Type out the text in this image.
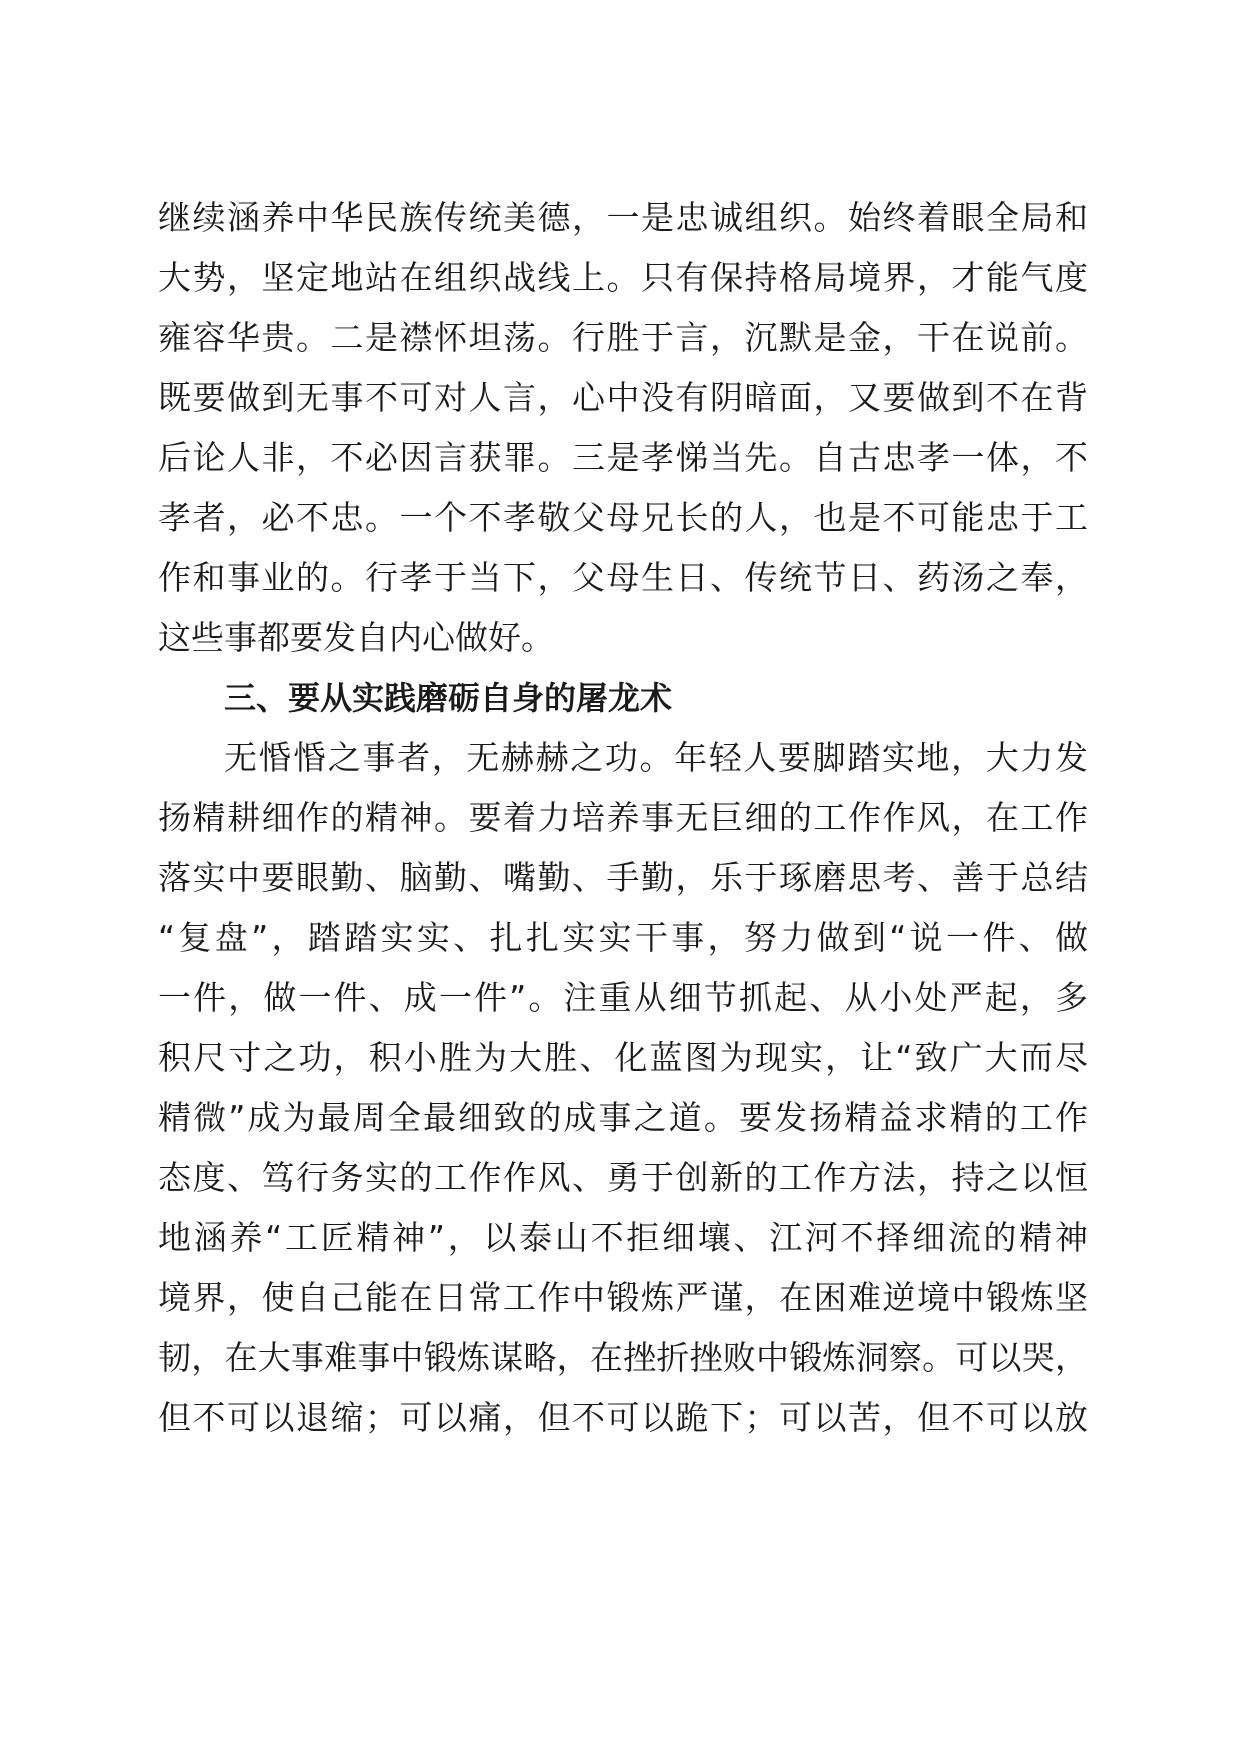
继续涵养中华民族传统美德，一是忠诚组织。始终着眼全局和
大势，坚定地站在组织战线上。只有保持格局境界，才能气度
雍容华贵。二是襟怀坦荡。行胜于言，沉默是金，干在说前。
既要做到无事不可对人言，心中没有阴暗面，又要做到不在背
后论人非，不必因言获罪。三是孝悌当先。自古忠孝一体，不
孝者，必不忠。一个不孝敬父母兄长的人，也是不可能忠于工
作和事业的。行孝于当下，父母生日、传统节日、药汤之奉，
这些事都要发自内心做好。
三、要从实践磨砺自身的屠龙术
无惛惛之事者，无赫赫之功。年轻人要脚踏实地，大力发
扬精耕细作的精神。要着力培养事无巨细的工作作风，在工作
落实中要眼勤、脑勤、嘴勤、手勤，乐于琢磨思考、善于总结
“复盘”，踏踏实实、扎扎实实干事，努力做到“说一件、做
一件，做一件、成一件”。注重从细节抓起、从小处严起，多
积尺寸之功，积小胜为大胜、化蓝图为现实，让“致广大而尽
精微”成为最周全最细致的成事之道。要发扬精益求精的工作
态度、笃行务实的工作作风、勇于创新的工作方法，持之以恒
地涵养“工匠精神”，以泰山不拒细壤、江河不择细流的精神
境界，使自己能在日常工作中锻炼严谨，在困难逆境中锻炼坚
韧，在大事难事中锻炼谋略，在挫折挫败中锻炼洞察。可以哭，
但不可以退缩；可以痛，但不可以跪下；可以苦，但不可以放
